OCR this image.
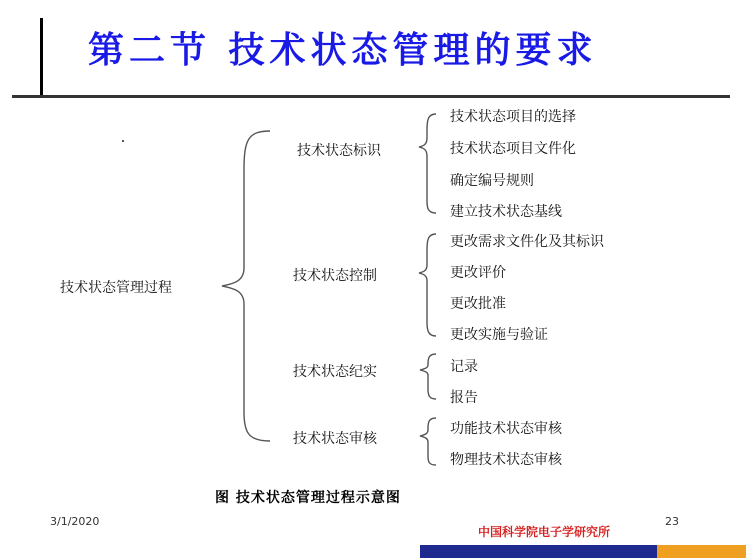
第二节 技术状态管理的要求
技术状态管理过程
技术状态标识
技术状态控制
技术状态纪实
技术状态审核
技术状态项目的选择
技术状态项目文件化
确定编号规则
建立技术状态基线
更改需求文件化及其标识
更改评价
更改批准
更改实施与验证
记录
报告
功能技术状态审核
物理技术状态审核
图 技术状态管理过程示意图
3/1/2020	23
中国科学院电子学研究所
